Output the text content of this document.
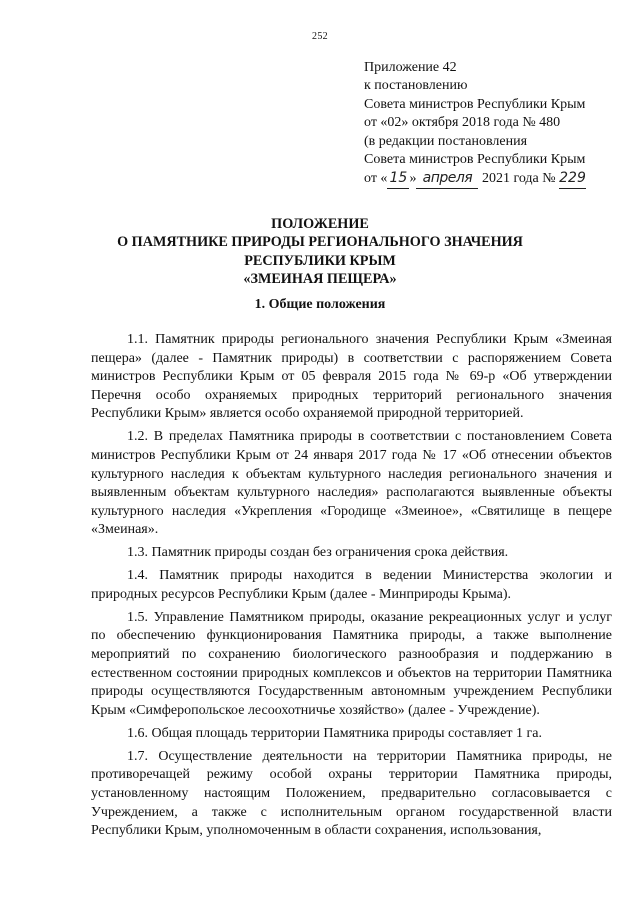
252
Приложение 42
к постановлению
Совета министров Республики Крым
от «02» октября 2018 года № 480
(в редакции постановления
Совета министров Республики Крым
от « 15 » апреля 2021 года № 229
ПОЛОЖЕНИЕ
О ПАМЯТНИКЕ ПРИРОДЫ РЕГИОНАЛЬНОГО ЗНАЧЕНИЯ
РЕСПУБЛИКИ КРЫМ
«ЗМЕИНАЯ ПЕЩЕРА»
1. Общие положения

1.1. Памятник природы регионального значения Республики Крым «Змеиная пещера» (далее - Памятник природы) в соответствии с распоряжением Совета министров Республики Крым от 05 февраля 2015 года № 69-р «Об утверждении Перечня особо охраняемых природных территорий регионального значения Республики Крым» является особо охраняемой природной территорией.

1.2. В пределах Памятника природы в соответствии с постановлением Совета министров Республики Крым от 24 января 2017 года № 17 «Об отнесении объектов культурного наследия к объектам культурного наследия регионального значения и выявленным объектам культурного наследия» располагаются выявленные объекты культурного наследия «Укрепления «Городище «Змеиное», «Святилище в пещере «Змеиная».

1.3. Памятник природы создан без ограничения срока действия.

1.4. Памятник природы находится в ведении Министерства экологии и природных ресурсов Республики Крым (далее - Минприроды Крыма).

1.5. Управление Памятником природы, оказание рекреационных услуг и услуг по обеспечению функционирования Памятника природы, а также выполнение мероприятий по сохранению биологического разнообразия и поддержанию в естественном состоянии природных комплексов и объектов на территории Памятника природы осуществляются Государственным автономным учреждением Республики Крым «Симферопольское лесоохотничье хозяйство» (далее - Учреждение).

1.6. Общая площадь территории Памятника природы составляет 1 га.

1.7. Осуществление деятельности на территории Памятника природы, не противоречащей режиму особой охраны территории Памятника природы, установленному настоящим Положением, предварительно согласовывается с Учреждением, а также с исполнительным органом государственной власти Республики Крым, уполномоченным в области сохранения, использования,
